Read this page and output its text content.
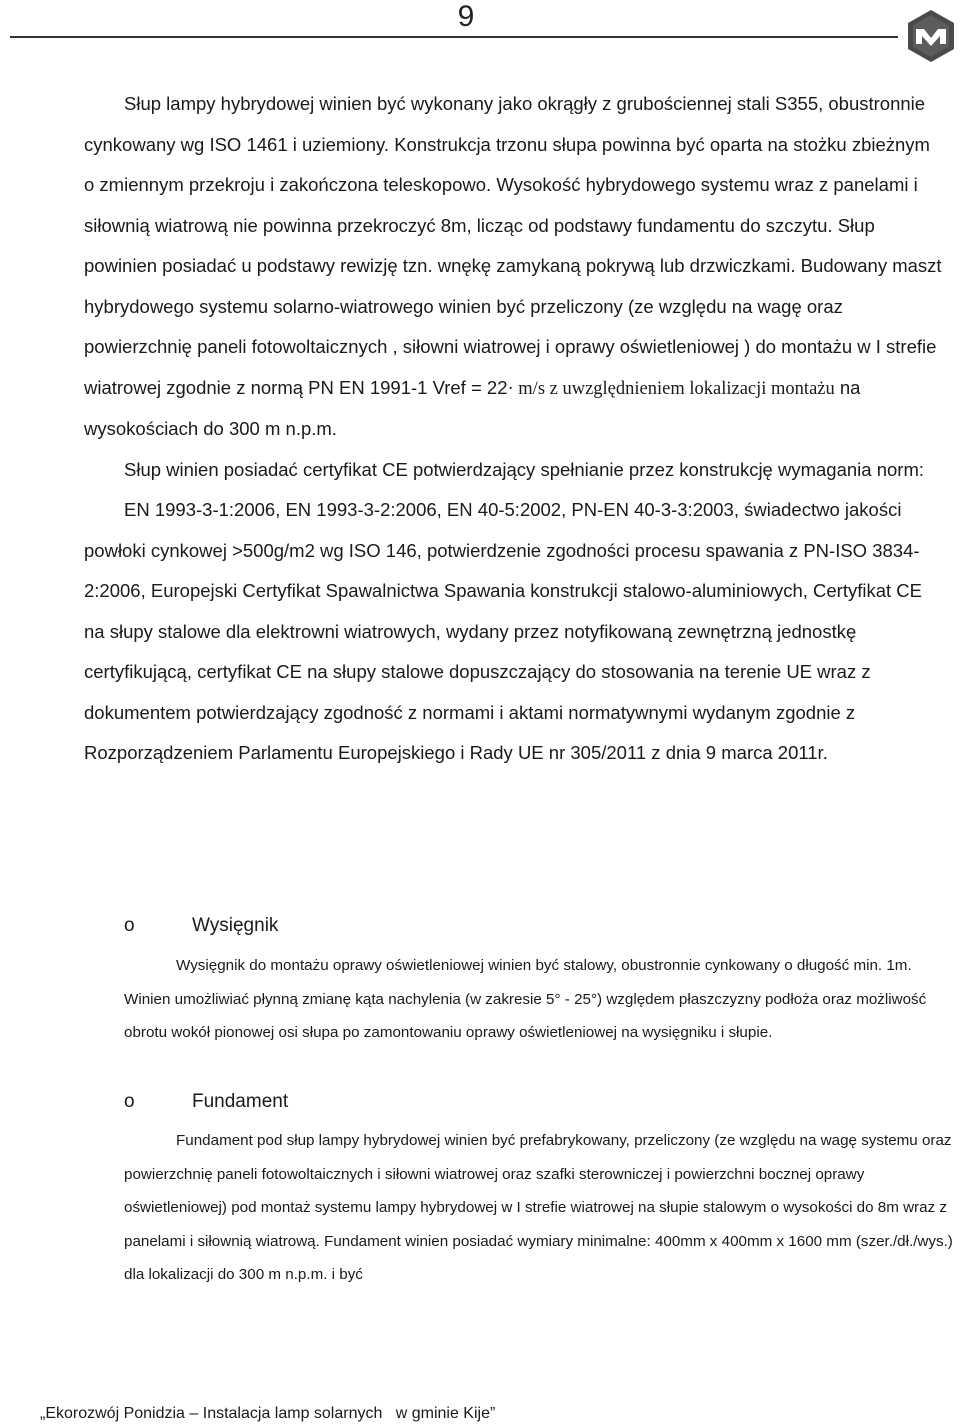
9

Słup lampy hybrydowej winien być wykonany jako okrągły z grubościennej stali S355, obustronnie cynkowany wg ISO 1461 i uziemiony. Konstrukcja trzonu słupa powinna być oparta na stożku zbieżnym o zmiennym przekroju i zakończona teleskopowo. Wysokość hybrydowego systemu wraz z panelami i siłownią wiatrową nie powinna przekroczyć 8m, licząc od podstawy fundamentu do szczytu. Słup powinien posiadać u podstawy rewizję tzn. wnękę zamykaną pokrywą lub drzwiczkami. Budowany maszt hybrydowego systemu solarno-wiatrowego winien być przeliczony (ze względu na wagę oraz powierzchnię paneli fotowoltaicznych , siłowni wiatrowej i oprawy oświetleniowej ) do montażu w I strefie wiatrowej zgodnie z normą PN EN 1991-1 Vref = 22· m/s z uwzględnieniem lokalizacji montażu na wysokościach do 300 m n.p.m.

Słup winien posiadać certyfikat CE potwierdzający spełnianie przez konstrukcję wymagania norm:

EN 1993-3-1:2006, EN 1993-3-2:2006, EN 40-5:2002, PN-EN 40-3-3:2003, świadectwo jakości powłoki cynkowej >500g/m2 wg ISO 146, potwierdzenie zgodności procesu spawania z PN-ISO 3834-2:2006, Europejski Certyfikat Spawalnictwa Spawania konstrukcji stalowo-aluminiowych, Certyfikat CE na słupy stalowe dla elektrowni wiatrowych, wydany przez notyfikowaną zewnętrzną jednostkę certyfikującą, certyfikat CE na słupy stalowe dopuszczający do stosowania na terenie UE wraz z dokumentem potwierdzający zgodność z normami i aktami normatywnymi wydanym zgodnie z Rozporządzeniem Parlamentu Europejskiego i Rady UE nr 305/2011 z dnia 9 marca 2011r.

o	Wysięgnik

Wysięgnik do montażu oprawy oświetleniowej winien być stalowy, obustronnie cynkowany o długość min. 1m. Winien umożliwiać płynną zmianę kąta nachylenia (w zakresie 5° - 25°) względem płaszczyzny podłoża oraz możliwość obrotu wokół pionowej osi słupa po zamontowaniu oprawy oświetleniowej na wysięgniku i słupie.

o	Fundament

Fundament pod słup lampy hybrydowej winien być prefabrykowany, przeliczony (ze względu na wagę systemu oraz powierzchnię paneli fotowoltaicznych i siłowni wiatrowej oraz szafki sterowniczej i powierzchni bocznej oprawy oświetleniowej) pod montaż systemu lampy hybrydowej w I strefie wiatrowej na słupie stalowym o wysokości do 8m wraz z panelami i siłownią wiatrową. Fundament winien posiadać wymiary minimalne: 400mm x 400mm x 1600 mm (szer./dł./wys.) dla lokalizacji do 300 m n.p.m. i być

„Ekorozwój Ponidzia – Instalacja lamp solarnych   w gminie Kije”
